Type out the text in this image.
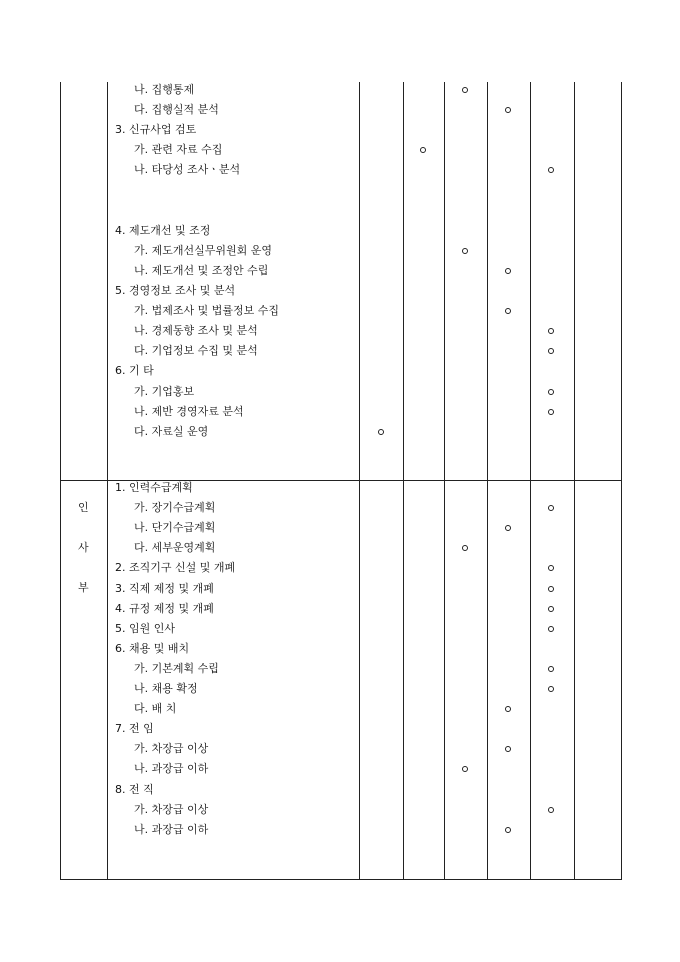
나. 집행통제
다. 집행실적 분석
3. 신규사업 검토
가. 관련 자료 수집
나. 타당성 조사ㆍ분석
4. 제도개선 및 조정
가. 제도개선실무위원회 운영
나. 제도개선 및 조정안 수립
5. 경영정보 조사 및 분석
가. 법제조사 및 법률정보 수집
나. 경제동향 조사 및 분석
다. 기업정보 수집 및 분석
6. 기 타
가. 기업홍보
나. 제반 경영자료 분석
다. 자료실 운영
1. 인력수급계획
가. 장기수급계획
나. 단기수급계획
다. 세부운영계획
2. 조직기구 신설 및 개폐
3. 직제 제정 및 개폐
4. 규정 제정 및 개폐
5. 임원 인사
6. 채용 및 배치
가. 기본계획 수립
나. 채용 확정
다. 배 치
7. 전 임
가. 차장급 이상
나. 과장급 이하
8. 전 직
가. 차장급 이상
나. 과장급 이하
인
사
부
